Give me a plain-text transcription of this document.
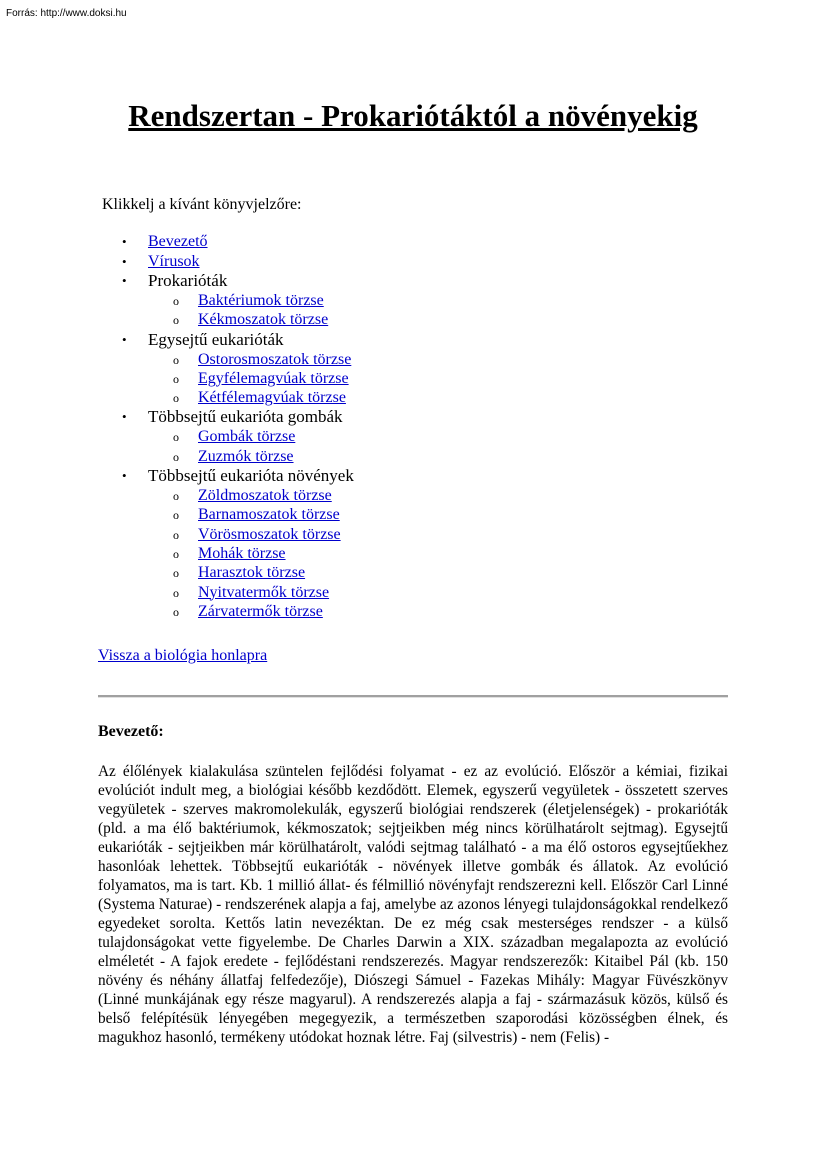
Forrás: http://www.doksi.hu
Rendszertan - Prokariótáktól a növényekig
Klikkelj a kívánt könyvjelzőre:
• Bevezető
• Vírusok
• Prokarióták
o Baktériumok törzse
o Kékmoszatok törzse
• Egysejtű eukarióták
o Ostorosmoszatok törzse
o Egyfélemagvúak törzse
o Kétfélemagvúak törzse
• Többsejtű eukarióta gombák
o Gombák törzse
o Zuzmók törzse
• Többsejtű eukarióta növények
o Zöldmoszatok törzse
o Barnamoszatok törzse
o Vörösmoszatok törzse
o Mohák törzse
o Harasztok törzse
o Nyitvatermők törzse
o Zárvatermők törzse
Vissza a biológia honlapra
Bevezető:

Az élőlények kialakulása szüntelen fejlődési folyamat - ez az evolúció. Először a kémiai, fizikai evolúciót indult meg, a biológiai később kezdődött. Elemek, egyszerű vegyületek - összetett szerves vegyületek - szerves makromolekulák, egyszerű biológiai rendszerek (életjelenségek) - prokarióták (pld. a ma élő baktériumok, kékmoszatok; sejtjeikben még nincs körülhatárolt sejtmag). Egysejtű eukarióták - sejtjeikben már körülhatárolt, valódi sejtmag található - a ma élő ostoros egysejtűekhez hasonlóak lehettek. Többsejtű eukarióták - növények illetve gombák és állatok. Az evolúció folyamatos, ma is tart. Kb. 1 millió állat- és félmillió növényfajt rendszerezni kell. Először Carl Linné (Systema Naturae) - rendszerének alapja a faj, amelybe az azonos lényegi tulajdonságokkal rendelkező egyedeket sorolta. Kettős latin nevezéktan. De ez még csak mesterséges rendszer - a külső tulajdonságokat vette figyelembe. De Charles Darwin a XIX. században megalapozta az evolúció elméletét - A fajok eredete - fejlődéstani rendszerezés. Magyar rendszerezők: Kitaibel Pál (kb. 150 növény és néhány állatfaj felfedezője), Diószegi Sámuel - Fazekas Mihály: Magyar Füvészkönyv (Linné munkájának egy része magyarul). A rendszerezés alapja a faj - származásuk közös, külső és belső felépítésük lényegében megegyezik, a természetben szaporodási közösségben élnek, és magukhoz hasonló, termékeny utódokat hoznak létre. Faj (silvestris) - nem (Felis) -
